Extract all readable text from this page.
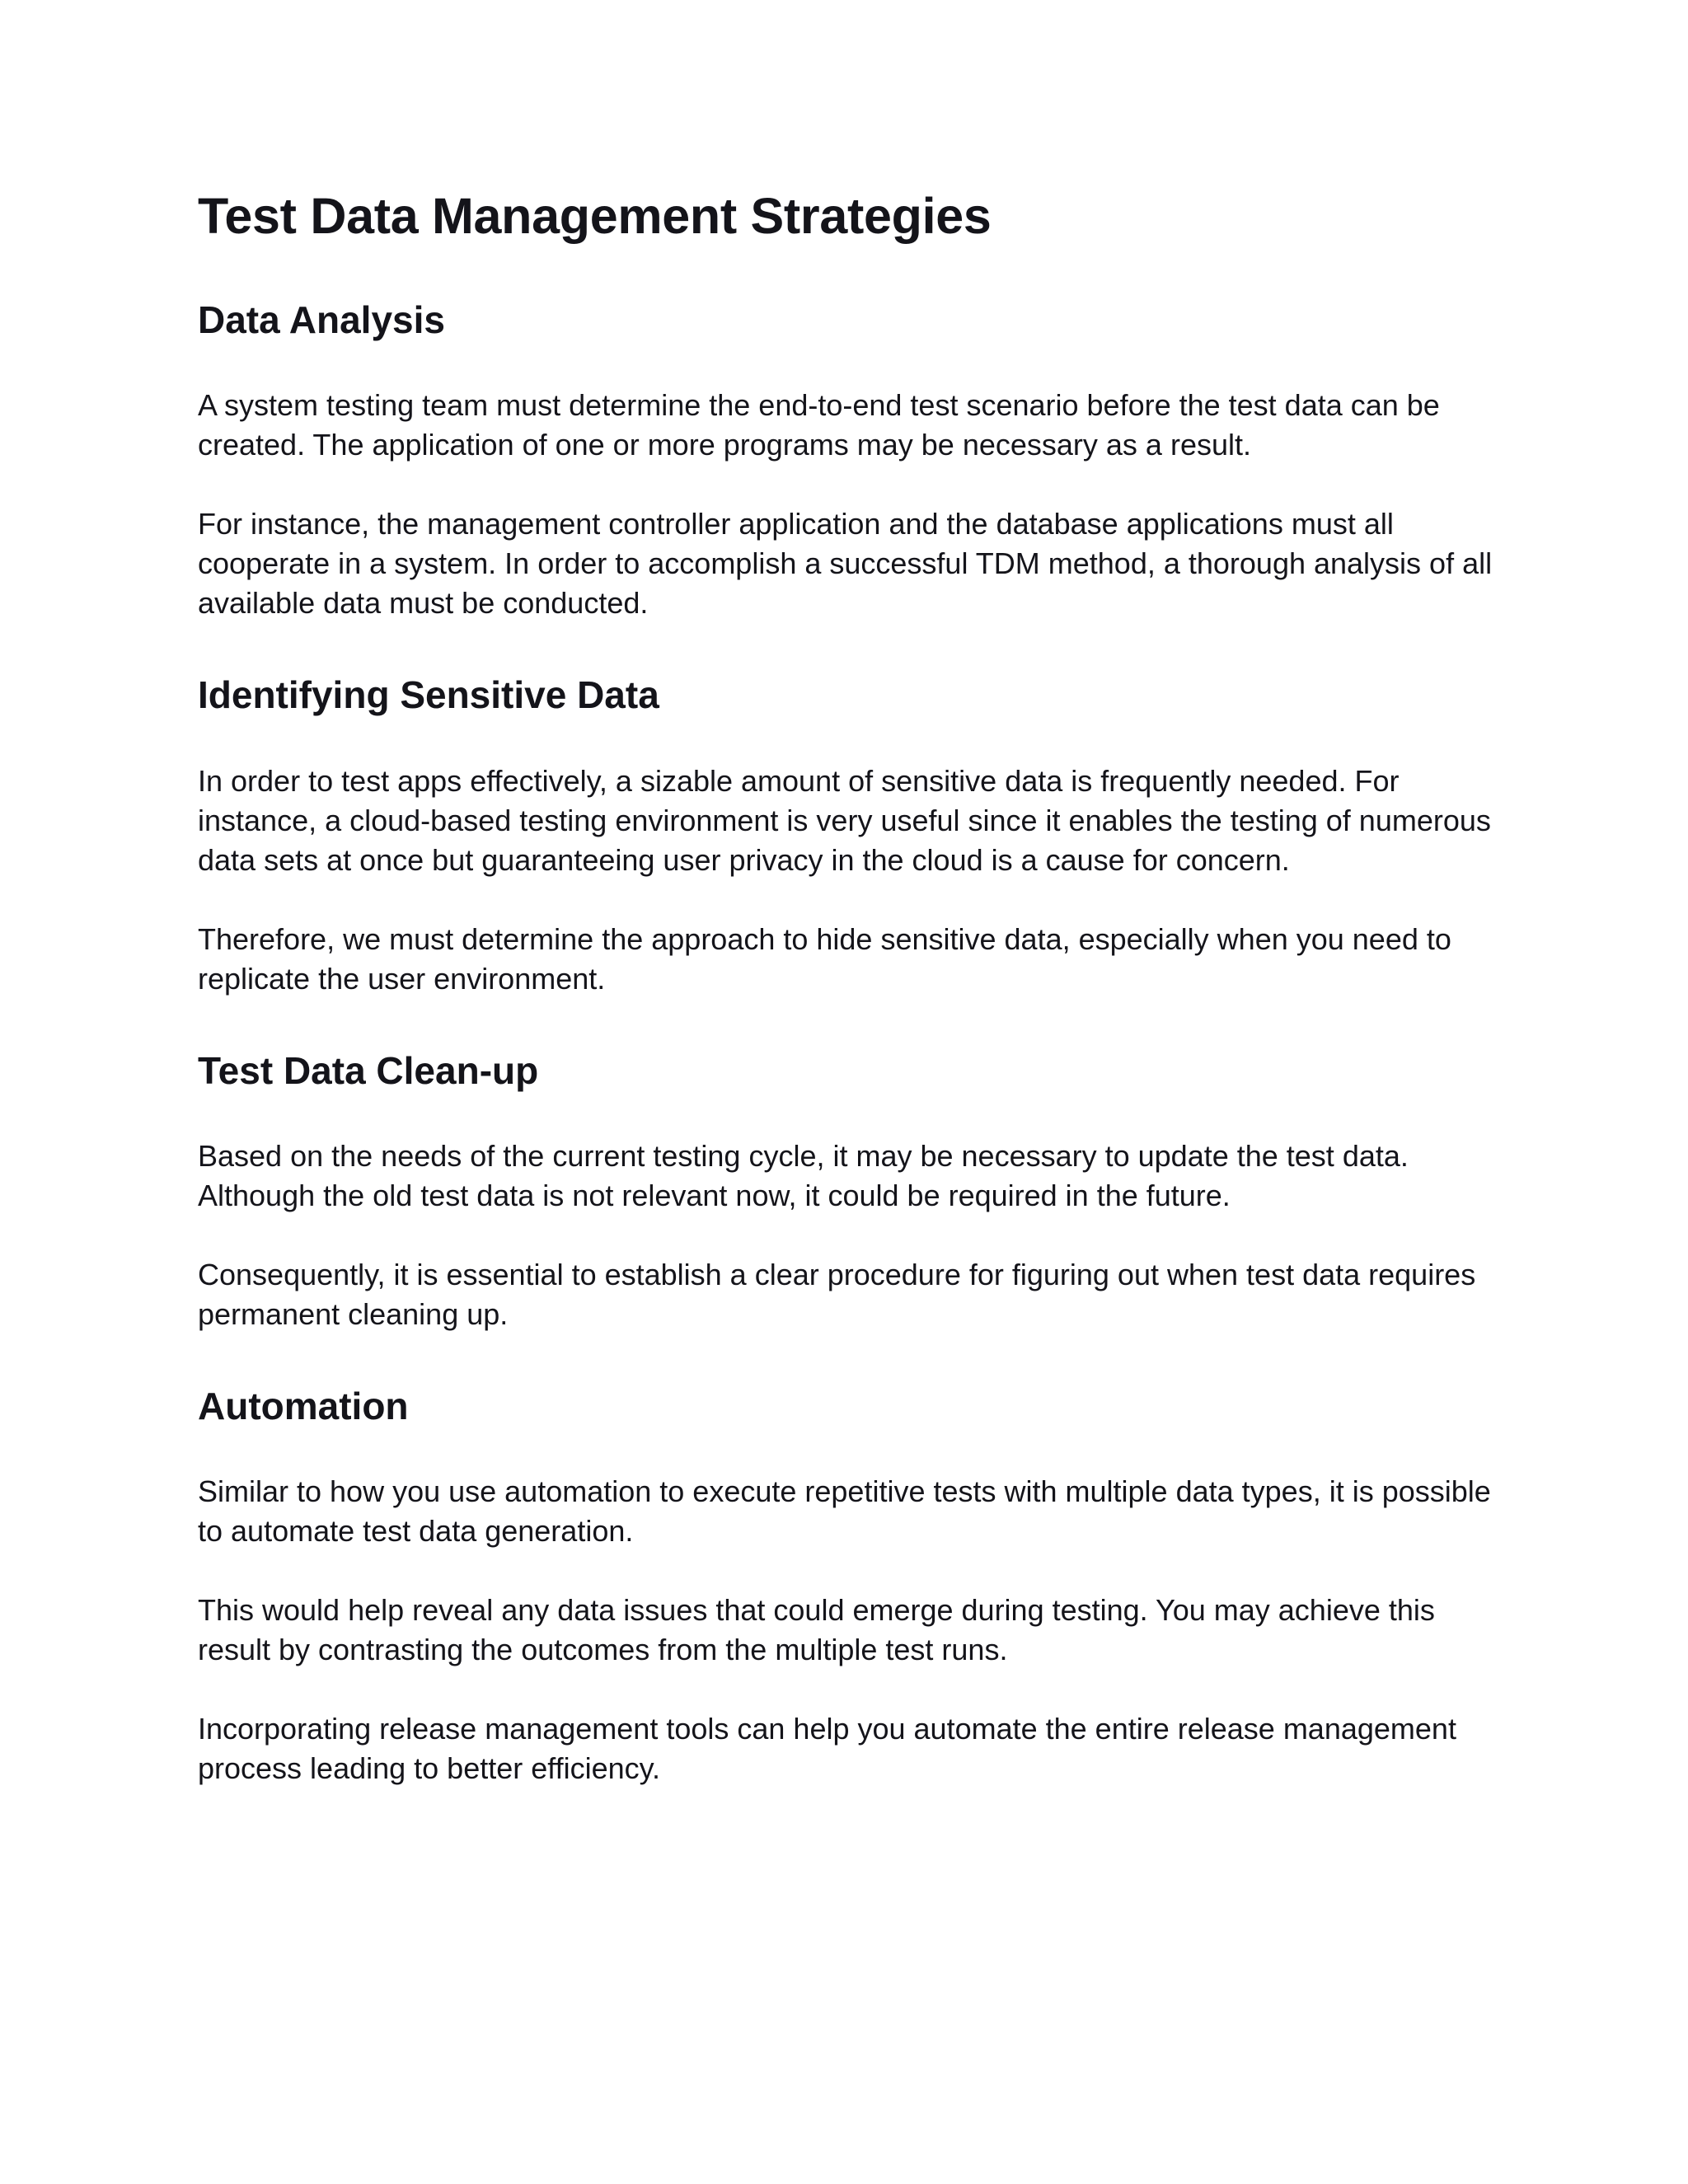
Test Data Management Strategies
Data Analysis

A system testing team must determine the end-to-end test scenario before the test data can be created. The application of one or more programs may be necessary as a result.

For instance, the management controller application and the database applications must all cooperate in a system. In order to accomplish a successful TDM method, a thorough analysis of all available data must be conducted.

Identifying Sensitive Data

In order to test apps effectively, a sizable amount of sensitive data is frequently needed. For instance, a cloud-based testing environment is very useful since it enables the testing of numerous data sets at once but guaranteeing user privacy in the cloud is a cause for concern.

Therefore, we must determine the approach to hide sensitive data, especially when you need to replicate the user environment.

Test Data Clean-up

Based on the needs of the current testing cycle, it may be necessary to update the test data. Although the old test data is not relevant now, it could be required in the future.

Consequently, it is essential to establish a clear procedure for figuring out when test data requires permanent cleaning up.

Automation

Similar to how you use automation to execute repetitive tests with multiple data types, it is possible to automate test data generation.

This would help reveal any data issues that could emerge during testing. You may achieve this result by contrasting the outcomes from the multiple test runs.

Incorporating release management tools can help you automate the entire release management process leading to better efficiency.
